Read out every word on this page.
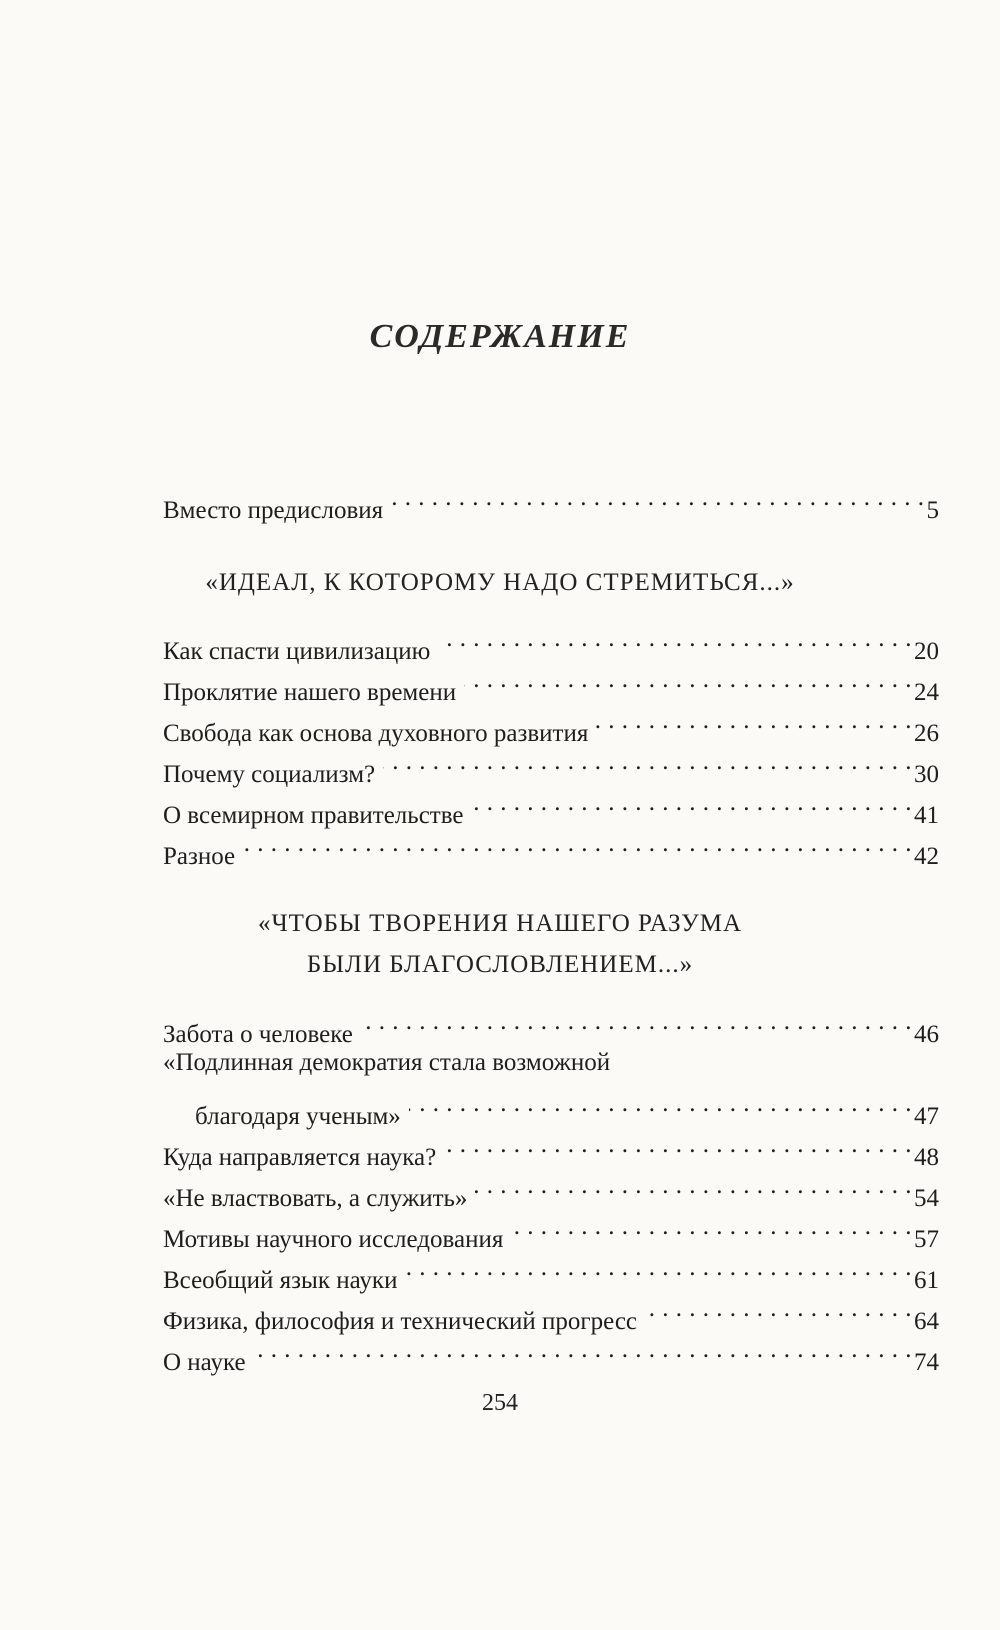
СОДЕРЖАНИЕ
Вместо предисловия . . .	5
Как спасти цивилизацию . . .	20
Проклятие нашего времени . . .	24
Свобода как основа духовного развития . . .	26
Почему социализм? . . .	30
О всемирном правительстве . . .	41
Разное . . .	42
Забота о человеке . . .	46
«Подлинная демократия стала возможной
благодаря ученым» . . .	47
Куда направляется наука? . . .	48
«Не властвовать, а служить» . . .	54
Мотивы научного исследования . . .	57
Всеобщий язык науки . . .	61
Физика, философия и технический прогресс . . .	64
О науке . . .	74
«ИДЕАЛ, К КОТОРОМУ НАДО СТРЕМИТЬСЯ...»
«ЧТОБЫ ТВОРЕНИЯ НАШЕГО РАЗУМА
БЫЛИ БЛАГОСЛОВЛЕНИЕМ...»
254
